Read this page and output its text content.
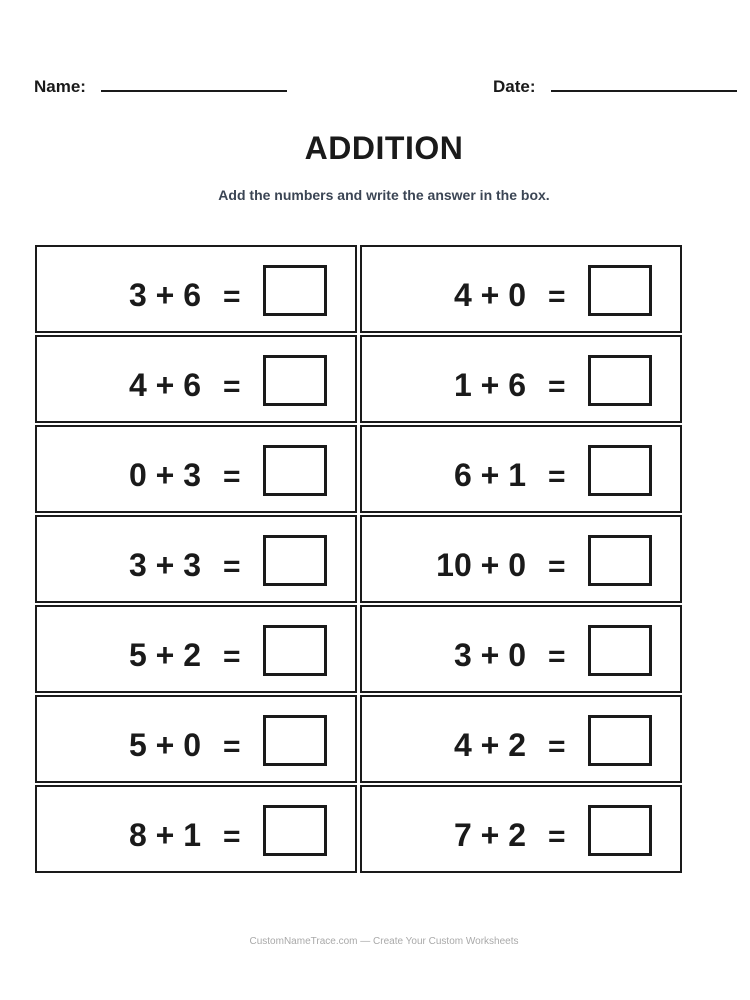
Name:	Date:
ADDITION

Add the numbers and write the answer in the box.

3 + 6 =
4 + 6 =
0 + 3 =
3 + 3 =
5 + 2 =
5 + 0 =
8 + 1 =
4 + 0 =
1 + 6 =
6 + 1 =
10 + 0 =
3 + 0 =
4 + 2 =
7 + 2 =
CustomNameTrace.com — Create Your Custom Worksheets
